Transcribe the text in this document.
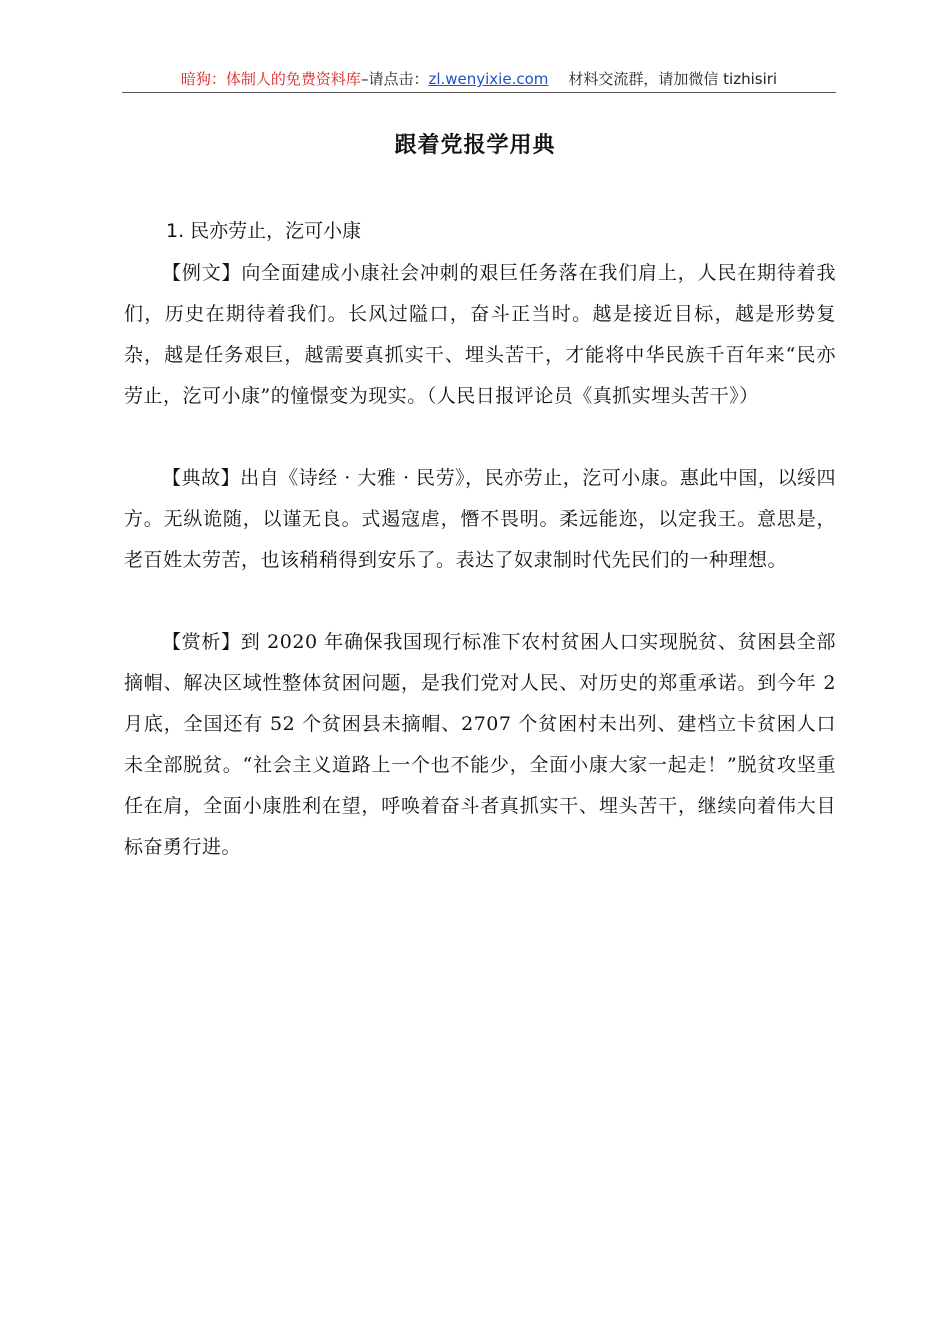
暗狗：体制人的免费资料库–请点击：zl.wenyixie.com 材料交流群，请加微信 tizhisiri
跟着党报学用典
1. 民亦劳止，汔可小康

【例文】向全面建成小康社会冲刺的艰巨任务落在我们肩上，人民在期待着我们，历史在期待着我们。长风过隘口，奋斗正当时。越是接近目标，越是形势复杂，越是任务艰巨，越需要真抓实干、埋头苦干，才能将中华民族千百年来“民亦劳止，汔可小康”的憧憬变为现实。（人民日报评论员《真抓实埋头苦干》）

【典故】出自《诗经 · 大雅 · 民劳》，民亦劳止，汔可小康。惠此中国，以绥四方。无纵诡随，以谨无良。式遏寇虐，憯不畏明。柔远能迩，以定我王。意思是，老百姓太劳苦，也该稍稍得到安乐了。表达了奴隶制时代先民们的一种理想。

【赏析】到 2020 年确保我国现行标准下农村贫困人口实现脱贫、贫困县全部摘帽、解决区域性整体贫困问题，是我们党对人民、对历史的郑重承诺。到今年 2 月底，全国还有 52 个贫困县未摘帽、2707 个贫困村未出列、建档立卡贫困人口未全部脱贫。“社会主义道路上一个也不能少，全面小康大家一起走！”脱贫攻坚重任在肩，全面小康胜利在望，呼唤着奋斗者真抓实干、埋头苦干，继续向着伟大目标奋勇行进。
